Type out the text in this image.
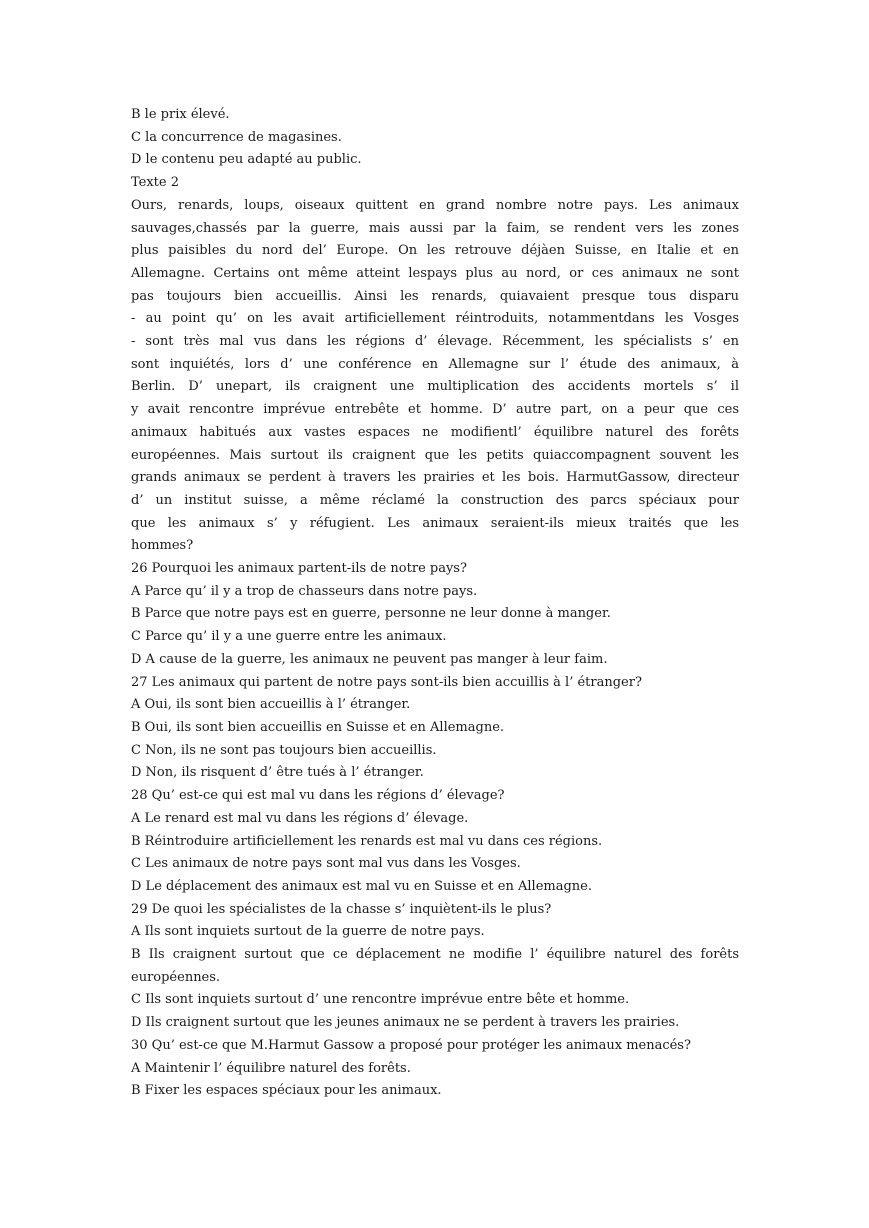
B le prix élevé.
C la concurrence de magasines.
D le contenu peu adapté au public.
Texte 2
Ours, renards, loups, oiseaux quittent en grand nombre notre pays. Les animaux
sauvages,chassés par la guerre, mais aussi par la faim, se rendent vers les zones
plus paisibles du nord del’ Europe. On les retrouve déjàen Suisse, en Italie et en
Allemagne. Certains ont même atteint lespays plus au nord, or ces animaux ne sont
pas toujours bien accueillis. Ainsi les renards, quiavaient presque tous disparu
- au point qu’ on les avait artificiellement réintroduits, notammentdans les Vosges
- sont très mal vus dans les régions d’ élevage. Récemment, les spécialists s’ en
sont inquiétés, lors d’ une conférence en Allemagne sur l’ étude des animaux, à
Berlin. D’ unepart, ils craignent une multiplication des accidents mortels s’ il
y avait rencontre imprévue entrebête et homme. D’ autre part, on a peur que ces
animaux habitués aux vastes espaces ne modifientl’ équilibre naturel des forêts
européennes. Mais surtout ils craignent que les petits quiaccompagnent souvent les
grands animaux se perdent à travers les prairies et les bois. HarmutGassow, directeur
d’ un institut suisse, a même réclamé la construction des parcs spéciaux pour
que les animaux s’ y réfugient. Les animaux seraient-ils mieux traités que les
hommes?
26 Pourquoi les animaux partent-ils de notre pays?
A Parce qu’ il y a trop de chasseurs dans notre pays.
B Parce que notre pays est en guerre, personne ne leur donne à manger.
C Parce qu’ il y a une guerre entre les animaux.
D A cause de la guerre, les animaux ne peuvent pas manger à leur faim.
27 Les animaux qui partent de notre pays sont-ils bien accuillis à l’ étranger?
A Oui, ils sont bien accueillis à l’ étranger.
B Oui, ils sont bien accueillis en Suisse et en Allemagne.
C Non, ils ne sont pas toujours bien accueillis.
D Non, ils risquent d’ être tués à l’ étranger.
28 Qu’ est-ce qui est mal vu dans les régions d’ élevage?
A Le renard est mal vu dans les régions d’ élevage.
B Réintroduire artificiellement les renards est mal vu dans ces régions.
C Les animaux de notre pays sont mal vus dans les Vosges.
D Le déplacement des animaux est mal vu en Suisse et en Allemagne.
29 De quoi les spécialistes de la chasse s’ inquiètent-ils le plus?
A Ils sont inquiets surtout de la guerre de notre pays.
B Ils craignent surtout que ce déplacement ne modifie l’ équilibre naturel des forêts
européennes.
C Ils sont inquiets surtout d’ une rencontre imprévue entre bête et homme.
D Ils craignent surtout que les jeunes animaux ne se perdent à travers les prairies.
30 Qu’ est-ce que M.Harmut Gassow a proposé pour protéger les animaux menacés?
A Maintenir l’ équilibre naturel des forêts.
B Fixer les espaces spéciaux pour les animaux.
